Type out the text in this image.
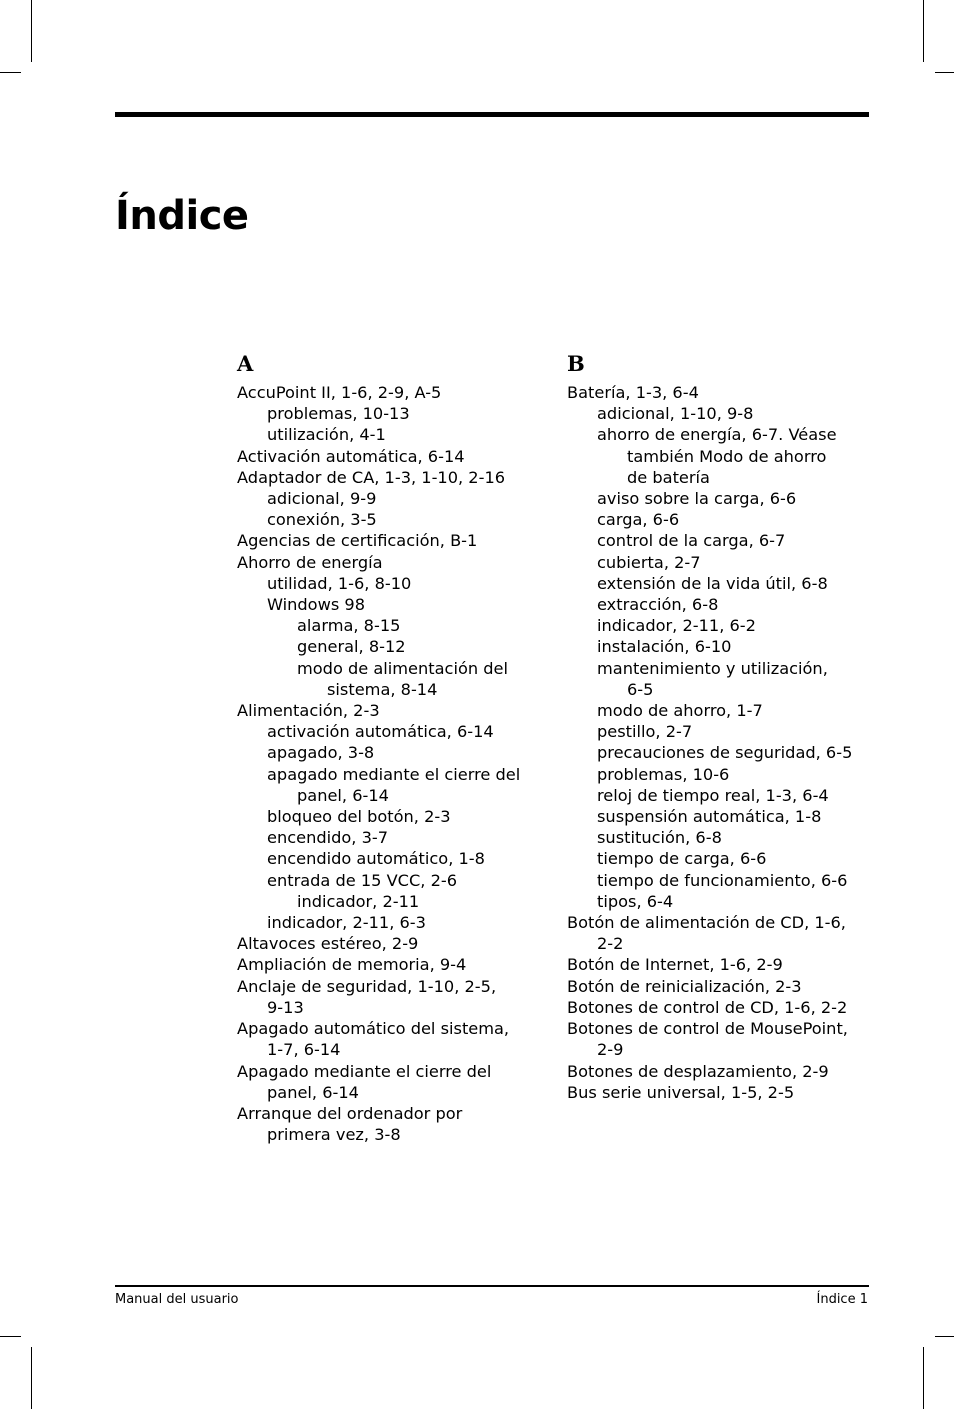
Índice
A
AccuPoint II, 1-6, 2-9, A-5
problemas, 10-13
utilización, 4-1
Activación automática, 6-14
Adaptador de CA, 1-3, 1-10, 2-16
adicional, 9-9
conexión, 3-5
Agencias de certificación, B-1
Ahorro de energía
utilidad, 1-6, 8-10
Windows 98
alarma, 8-15
general, 8-12
modo de alimentación del
sistema, 8-14
Alimentación, 2-3
activación automática, 6-14
apagado, 3-8
apagado mediante el cierre del
panel, 6-14
bloqueo del botón, 2-3
encendido, 3-7
encendido automático, 1-8
entrada de 15 VCC, 2-6
indicador, 2-11
indicador, 2-11, 6-3
Altavoces estéreo, 2-9
Ampliación de memoria, 9-4
Anclaje de seguridad, 1-10, 2-5,
9-13
Apagado automático del sistema,
1-7, 6-14
Apagado mediante el cierre del
panel, 6-14
Arranque del ordenador por
primera vez, 3-8
B
Batería, 1-3, 6-4
adicional, 1-10, 9-8
ahorro de energía, 6-7. Véase
también Modo de ahorro
de batería
aviso sobre la carga, 6-6
carga, 6-6
control de la carga, 6-7
cubierta, 2-7
extensión de la vida útil, 6-8
extracción, 6-8
indicador, 2-11, 6-2
instalación, 6-10
mantenimiento y utilización,
6-5
modo de ahorro, 1-7
pestillo, 2-7
precauciones de seguridad, 6-5
problemas, 10-6
reloj de tiempo real, 1-3, 6-4
suspensión automática, 1-8
sustitución, 6-8
tiempo de carga, 6-6
tiempo de funcionamiento, 6-6
tipos, 6-4
Botón de alimentación de CD, 1-6,
2-2
Botón de Internet, 1-6, 2-9
Botón de reinicialización, 2-3
Botones de control de CD, 1-6, 2-2
Botones de control de MousePoint,
2-9
Botones de desplazamiento, 2-9
Bus serie universal, 1-5, 2-5
Manual del usuario	Índice 1
